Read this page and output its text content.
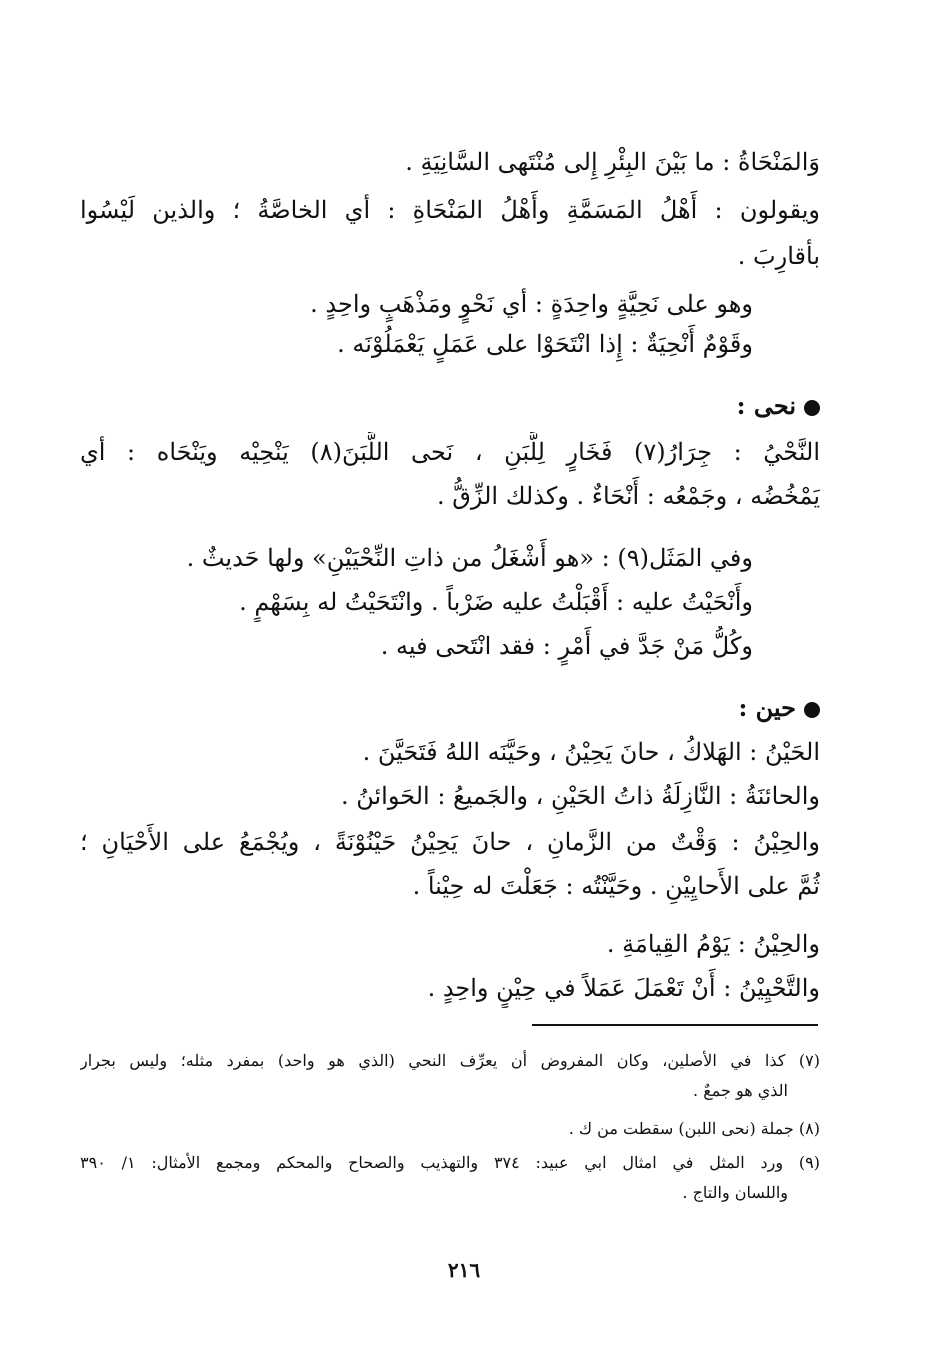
وَالمَنْحَاةُ : ما بَيْنَ البِئْرِ إِلى مُنْتَهى السَّانِيَةِ .
ويقولون : أَهْلُ المَسَمَّةِ وأَهْلُ المَنْحَاةِ : أي الخاصَّةُ ؛ والذين لَيْسُوا
بأقارِبَ .
وهو على نَحِيَّةٍ واحِدَةٍ : أي نَحْوٍ ومَذْهَبٍ واحِدٍ .
وقَوْمٌ أَنْحِيَةٌ : إِذا انْتَحَوْا على عَمَلٍ يَعْمَلُوْنَه .
نحى :
النَّحْيُ : جِرَارُ(٧) فَخَارٍ لِلَّبَنِ ، نَحى اللَّبَنَ(٨) يَنْحِيْه ويَنْحَاه : أي
يَمْخُضُه ، وجَمْعُه : أَنْحَاءٌ . وكذلك الزِّقُّ .
وفي المَثَل(٩) : «هو أَشْغَلُ من ذاتِ النِّحْيَيْنِ» ولها حَديثٌ .
وأَنْحَيْتُ عليه : أَقْبَلْتُ عليه ضَرْباً . وانْتَحَيْتُ له بِسَهْمٍ .
وكُلُّ مَنْ جَدَّ في أَمْرٍ : فقد انْتَحى فيه .
حين :
الحَيْنُ : الهَلاكُ ، حانَ يَحِيْنُ ، وحَيَّنَه اللهُ فَتَحَيَّنَ .
والحائنَةُ : النَّازِلَةُ ذاتُ الحَيْنِ ، والجَميعُ : الحَوائنُ .
والحِيْنُ : وَقْتٌ من الزَّمانِ ، حانَ يَحِيْنُ حَيْنُوْنَةً ، ويُجْمَعُ على الأَحْيَانِ ؛
ثُمَّ على الأَحايِيْنِ . وحَيَّنْتُه : جَعَلْتَ له حِيْناً .
والحِيْنُ : يَوْمُ القِيامَةِ .
والتَّحْيِيْنُ : أَنْ تَعْمَلَ عَمَلاً في حِيْنٍ واحِدٍ .
(٧) كذا في الأصلين، وكان المفروض أن يعرِّف النحي (الذي هو واحد) بمفرد مثله؛ وليس بجرار
الذي هو جمعٌ .
(٨) جملة (نحى اللبن) سقطت من ك .
(٩) ورد المثل في امثال ابي عبيد: ٣٧٤ والتهذيب والصحاح والمحكم ومجمع الأمثال: ١/ ٣٩٠
واللسان والتاج .
٢١٦
